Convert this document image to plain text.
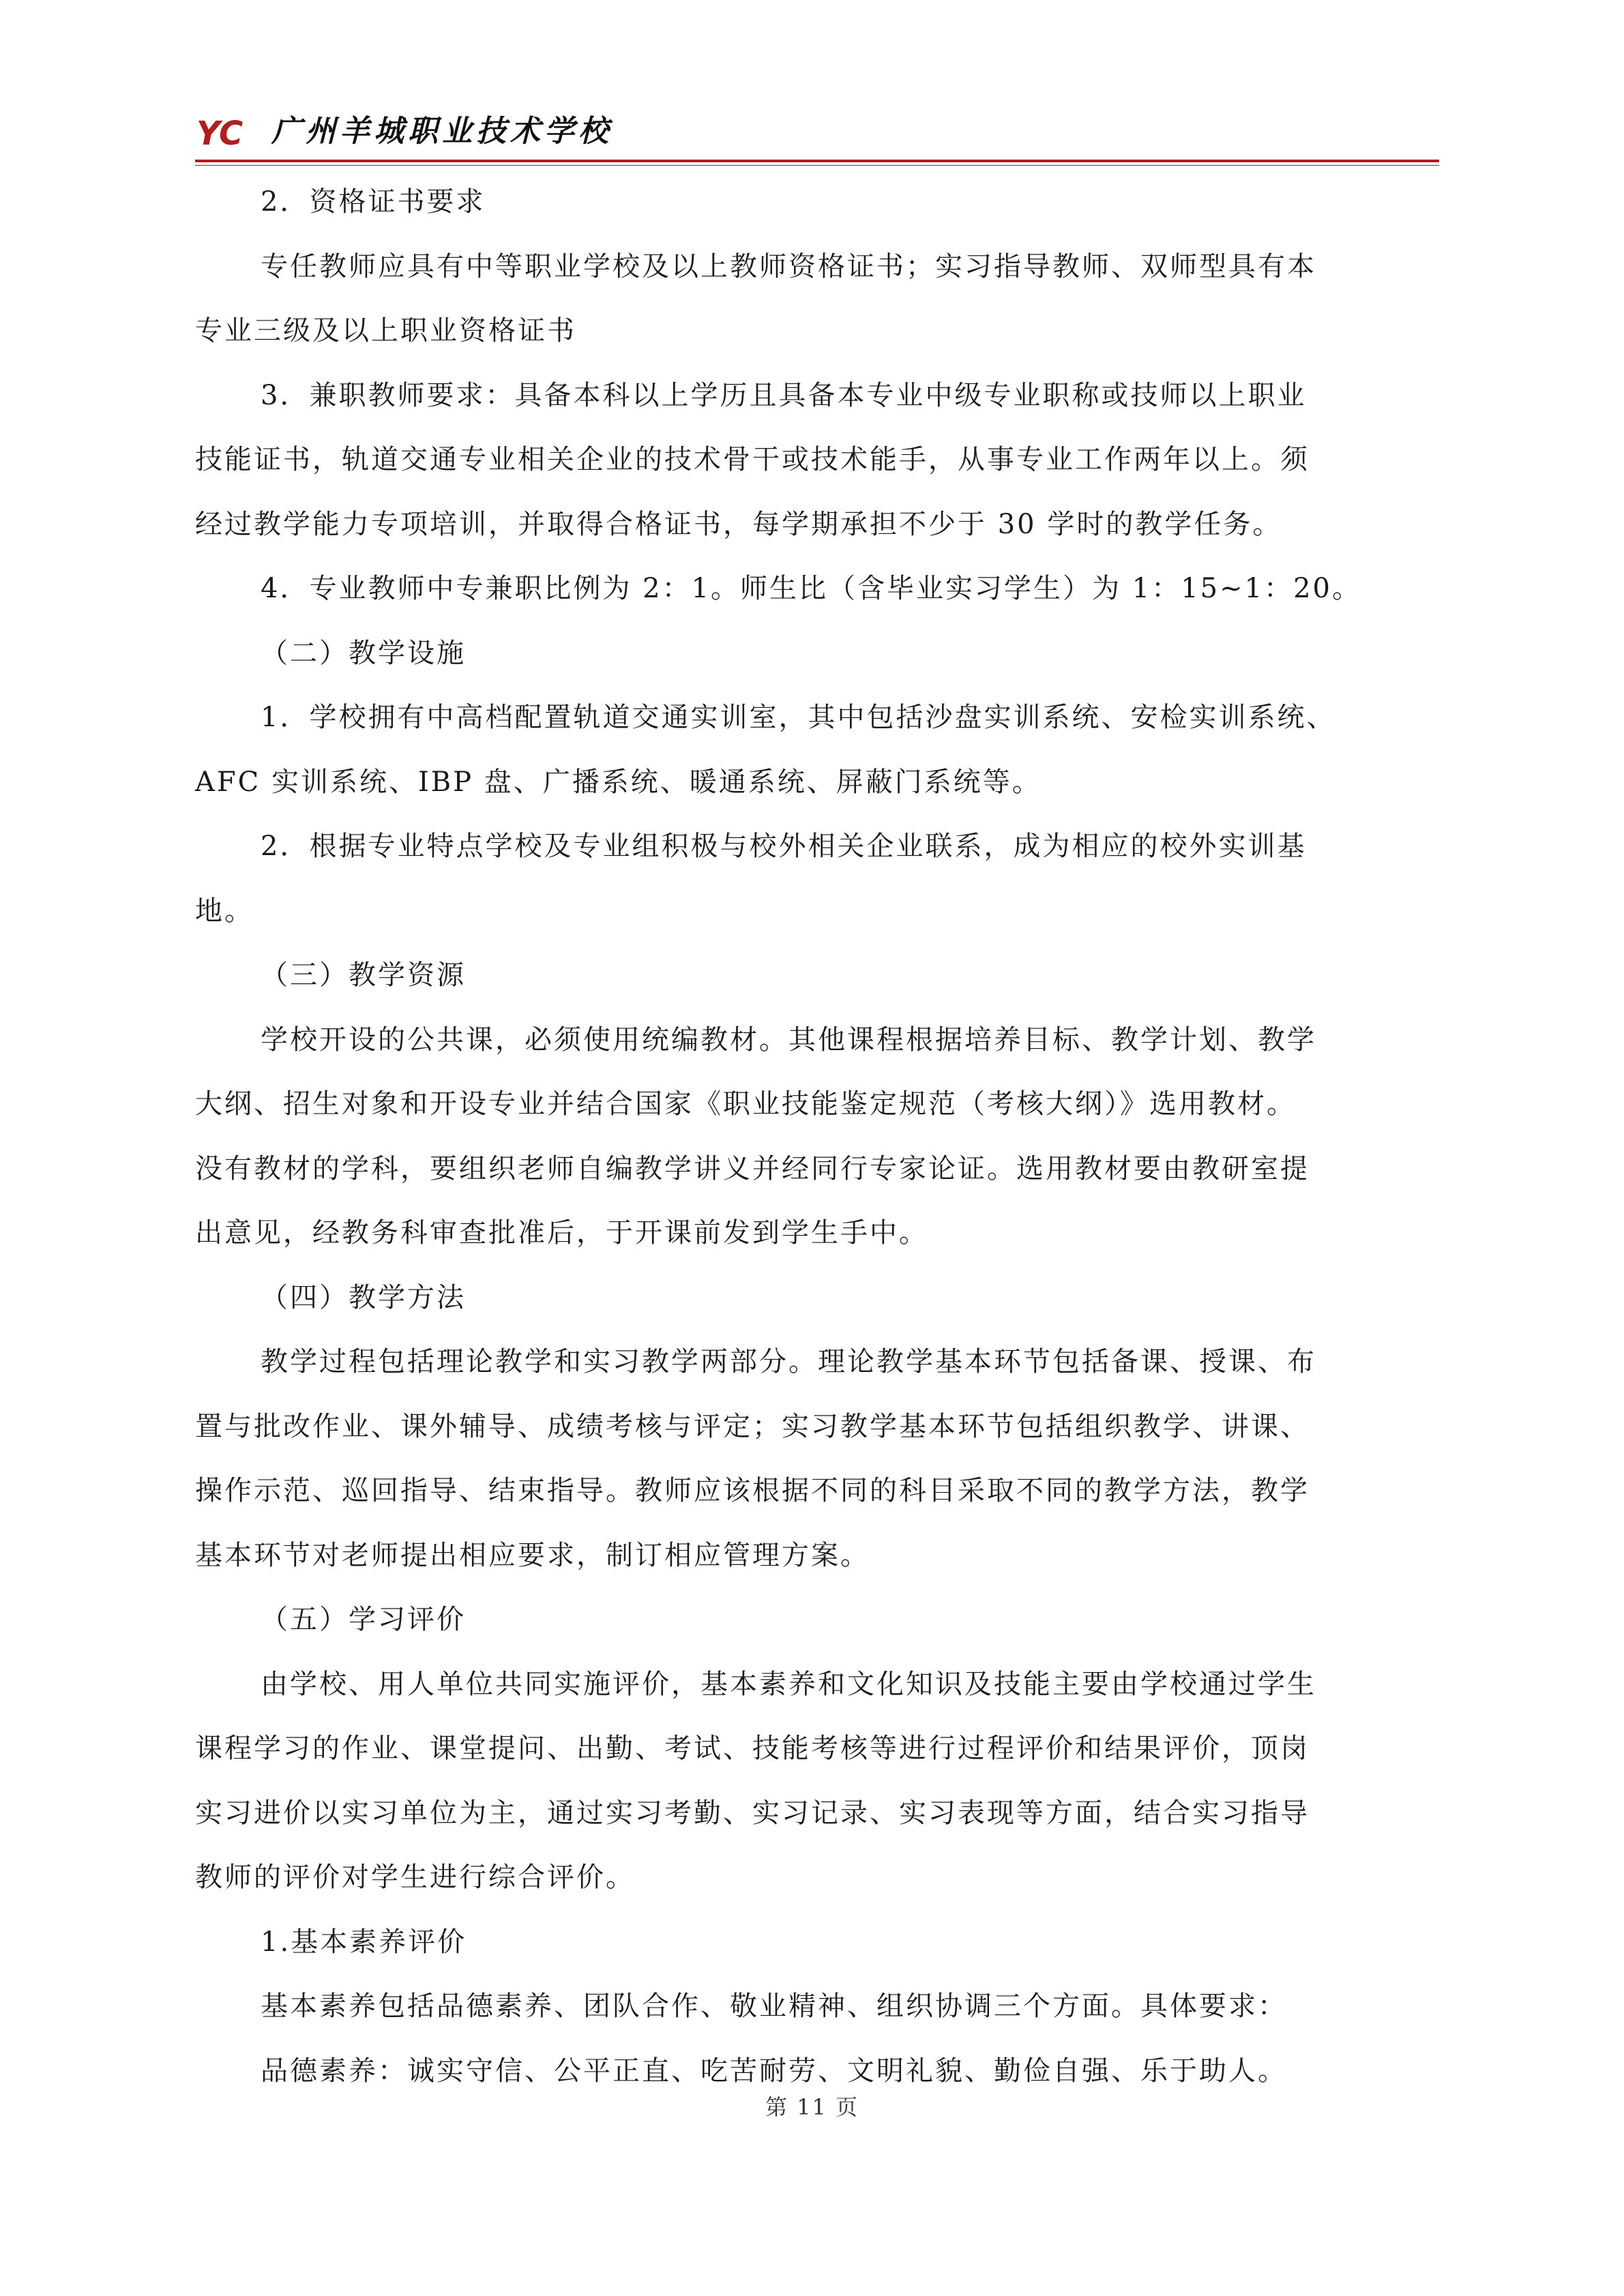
YC 广州羊城职业技术学校
2．资格证书要求
专任教师应具有中等职业学校及以上教师资格证书；实习指导教师、双师型具有本
专业三级及以上职业资格证书
3．兼职教师要求：具备本科以上学历且具备本专业中级专业职称或技师以上职业
技能证书，轨道交通专业相关企业的技术骨干或技术能手，从事专业工作两年以上。须
经过教学能力专项培训，并取得合格证书，每学期承担不少于 30 学时的教学任务。
4．专业教师中专兼职比例为 2：1。师生比（含毕业实习学生）为 1：15~1：20。
（二）教学设施
1．学校拥有中高档配置轨道交通实训室，其中包括沙盘实训系统、安检实训系统、
AFC 实训系统、IBP 盘、广播系统、暖通系统、屏蔽门系统等。
2．根据专业特点学校及专业组积极与校外相关企业联系，成为相应的校外实训基
地。
（三）教学资源
学校开设的公共课，必须使用统编教材。其他课程根据培养目标、教学计划、教学
大纲、招生对象和开设专业并结合国家《职业技能鉴定规范（考核大纲）》选用教材。
没有教材的学科，要组织老师自编教学讲义并经同行专家论证。选用教材要由教研室提
出意见，经教务科审查批准后，于开课前发到学生手中。
（四）教学方法
教学过程包括理论教学和实习教学两部分。理论教学基本环节包括备课、授课、布
置与批改作业、课外辅导、成绩考核与评定；实习教学基本环节包括组织教学、讲课、
操作示范、巡回指导、结束指导。教师应该根据不同的科目采取不同的教学方法，教学
基本环节对老师提出相应要求，制订相应管理方案。
（五）学习评价
由学校、用人单位共同实施评价，基本素养和文化知识及技能主要由学校通过学生
课程学习的作业、课堂提问、出勤、考试、技能考核等进行过程评价和结果评价，顶岗
实习进价以实习单位为主，通过实习考勤、实习记录、实习表现等方面，结合实习指导
教师的评价对学生进行综合评价。
1.基本素养评价
基本素养包括品德素养、团队合作、敬业精神、组织协调三个方面。具体要求：
品德素养：诚实守信、公平正直、吃苦耐劳、文明礼貌、勤俭自强、乐于助人。
第 11 页
